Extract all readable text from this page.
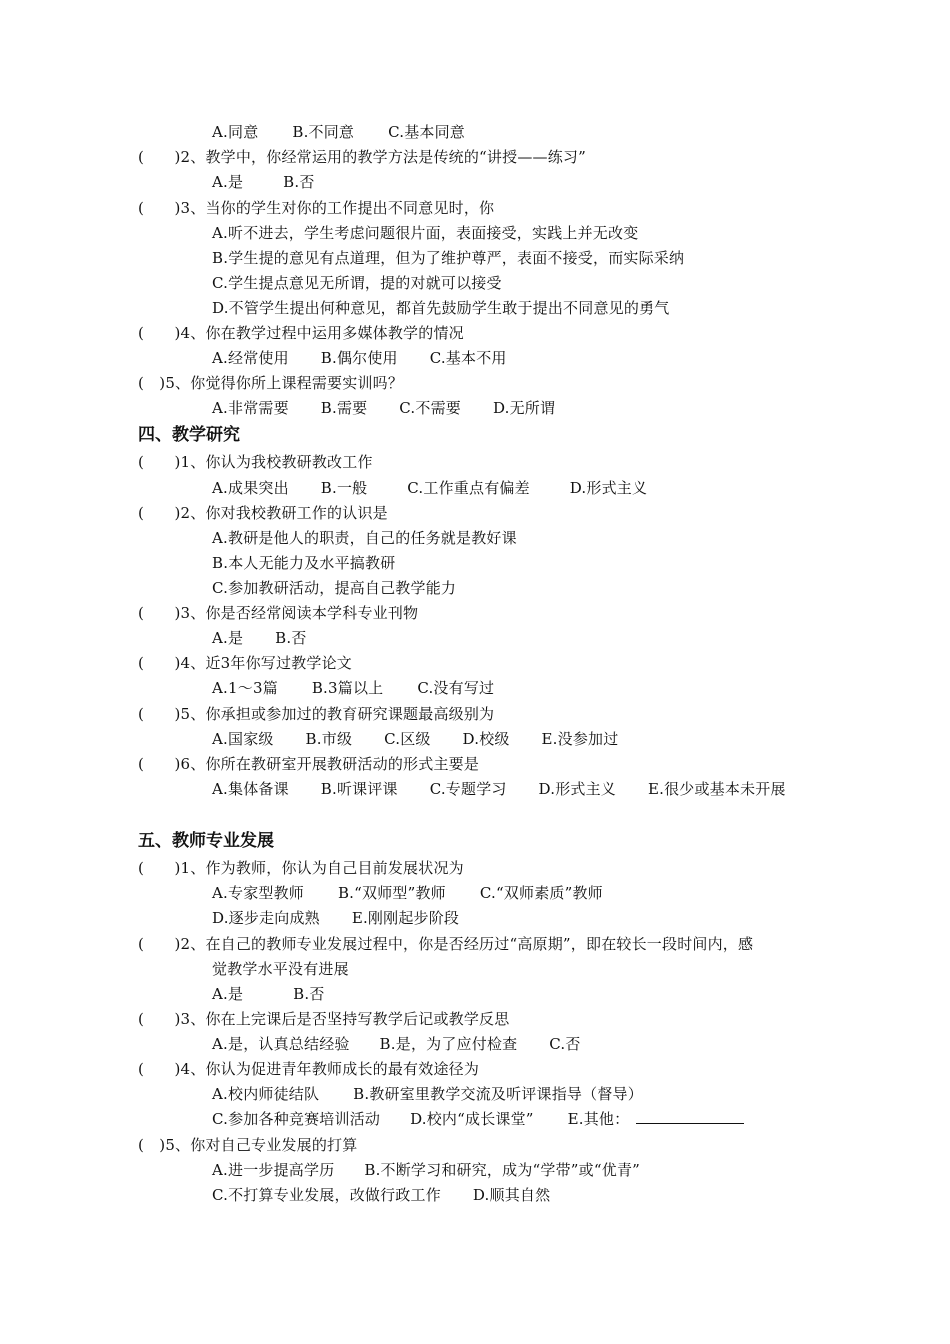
A.同意 B.不同意 C.基本同意
(　　)2、教学中，你经常运用的教学方法是传统的“讲授——练习”
A.是	B.否
(　　)3、当你的学生对你的工作提出不同意见时，你
A.听不进去，学生考虑问题很片面，表面接受，实践上并无改变
B.学生提的意见有点道理，但为了维护尊严，表面不接受，而实际采纳
C.学生提点意见无所谓，提的对就可以接受
D.不管学生提出何种意见，都首先鼓励学生敢于提出不同意见的勇气
(　　)4、你在教学过程中运用多媒体教学的情况
A.经常使用 B.偶尔使用 C.基本不用
(　)5、你觉得你所上课程需要实训吗？
A.非常需要 B.需要 C.不需要 D.无所谓
四、教学研究
(　　)1、你认为我校教研教改工作
A.成果突出 B.一般	C.工作重点有偏差	D.形式主义
(　　)2、你对我校教研工作的认识是
A.教研是他人的职责，自己的任务就是教好课
B.本人无能力及水平搞教研
C.参加教研活动，提高自己教学能力
(　　)3、你是否经常阅读本学科专业刊物
A.是 B.否
(　　)4、近3年你写过教学论文
A.1～3篇 B.3篇以上 C.没有写过
(　　)5、你承担或参加过的教育研究课题最高级别为
A.国家级 B.市级 C.区级 D.校级 E.没参加过
(　　)6、你所在教研室开展教研活动的形式主要是
A.集体备课 B.听课评课 C.专题学习 D.形式主义 E.很少或基本未开展
五、教师专业发展
(　　)1、作为教师，你认为自己目前发展状况为
A.专家型教师 B.“双师型”教师 C.“双师素质”教师
D.逐步走向成熟 E.刚刚起步阶段
(　　)2、在自己的教师专业发展过程中，你是否经历过“高原期”，即在较长一段时间内，感
觉教学水平没有进展
A.是	B.否
(　　)3、你在上完课后是否坚持写教学后记或教学反思
A.是，认真总结经验 B.是，为了应付检查 C.否
(　　)4、你认为促进青年教师成长的最有效途径为
A.校内师徒结队 B.教研室里教学交流及听评课指导（督导）
C.参加各种竞赛培训活动 D.校内“成长课堂” E.其他：
(　)5、你对自己专业发展的打算
A.进一步提高学历 B.不断学习和研究，成为“学带”或“优青”
C.不打算专业发展，改做行政工作 D.顺其自然
